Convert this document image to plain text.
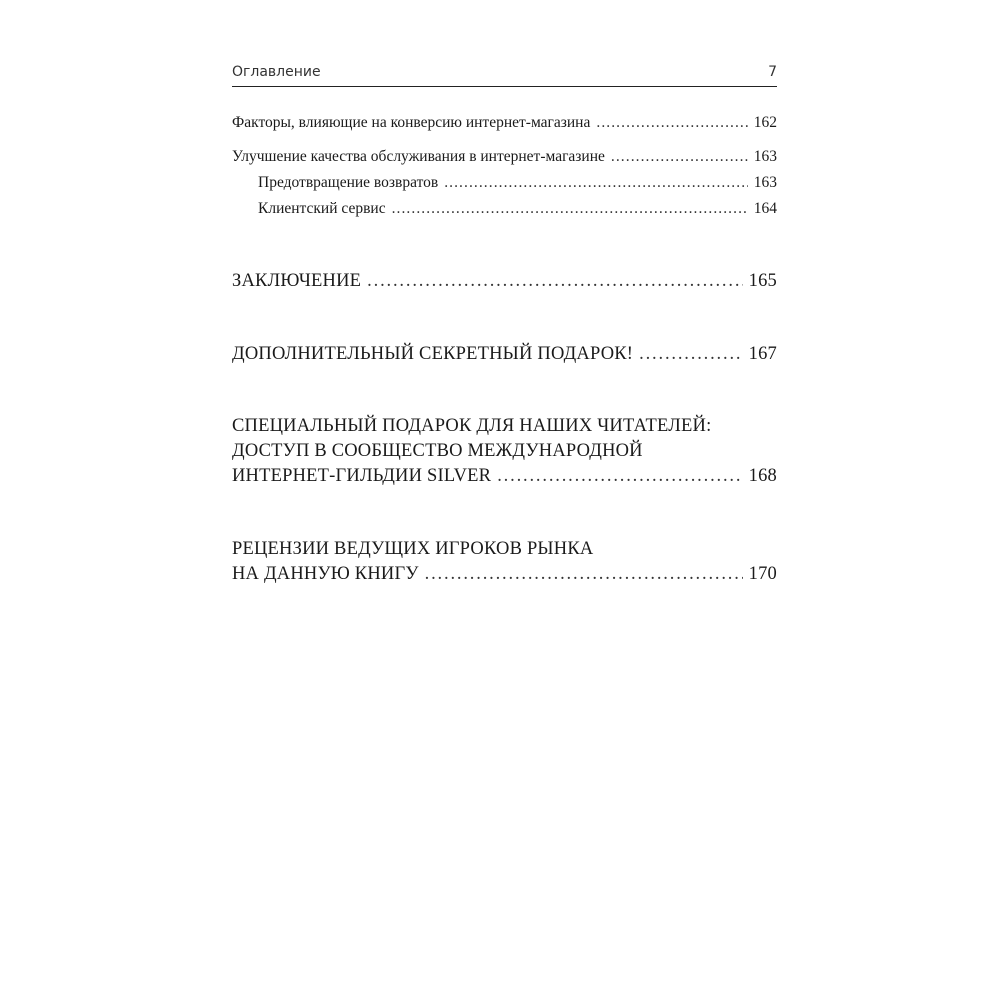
Оглавление	7
Факторы, влияющие на конверсию интернет-магазина . . .	162
Улучшение качества обслуживания в интернет-магазине . . .	163
Предотвращение возвратов . . .	163
Клиентский сервис . . .	164
ЗАКЛЮЧЕНИЕ . . .	165
ДОПОЛНИТЕЛЬНЫЙ СЕКРЕТНЫЙ ПОДАРОК! . . .	167
СПЕЦИАЛЬНЫЙ ПОДАРОК ДЛЯ НАШИХ ЧИТАТЕЛЕЙ:
ДОСТУП В СООБЩЕСТВО МЕЖДУНАРОДНОЙ
ИНТЕРНЕТ-ГИЛЬДИИ SILVER . . .	168
РЕЦЕНЗИИ ВЕДУЩИХ ИГРОКОВ РЫНКА
НА ДАННУЮ КНИГУ . . .	170
